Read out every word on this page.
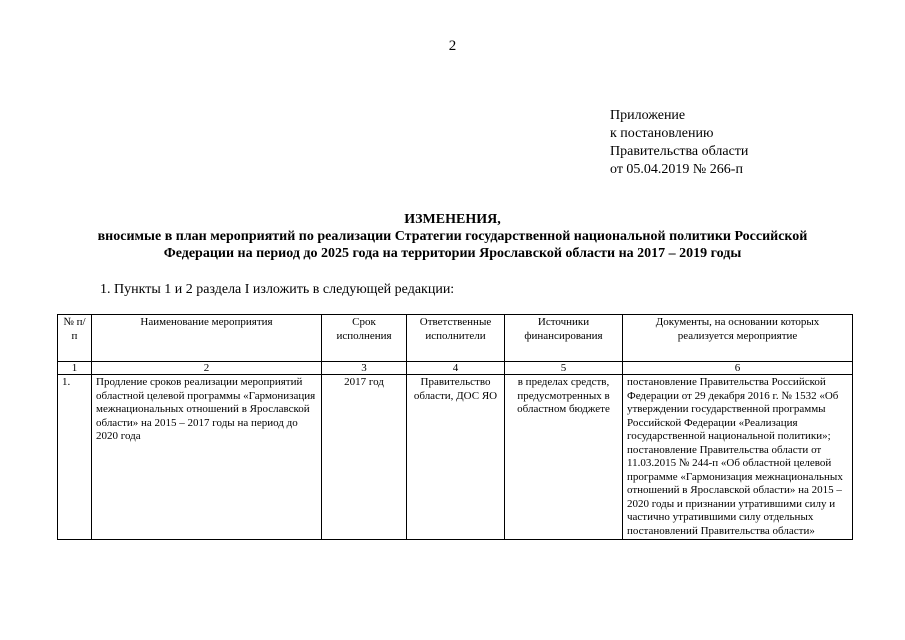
2
Приложение
к постановлению
Правительства области
от 05.04.2019 № 266-п
ИЗМЕНЕНИЯ,
вносимые в план мероприятий по реализации Стратегии государственной национальной политики Российской
Федерации на период до 2025 года на территории Ярославской области на 2017 – 2019 годы
1. Пункты 1 и 2 раздела I изложить в следующей редакции:
№ п/п	Наименование мероприятия	Срок исполнения	Ответственные исполнители	Источники финансирования	Документы, на основании которых реализуется мероприятие
1	2	3	4	5	6
1.	Продление сроков реализации мероприятий областной целевой программы «Гармонизация межнациональных отношений в Ярославской области» на 2015 – 2017 годы на период до 2020 года	2017 год	Правительство области, ДОС ЯО	в пределах средств, предусмотренных в областном бюджете	постановление Правительства Российской Федерации от 29 декабря 2016 г. № 1532 «Об утверждении государственной программы Российской Федерации «Реализация государственной национальной политики»; постановление Правительства области от 11.03.2015 № 244-п «Об областной целевой программе «Гармонизация межнациональных отношений в Ярославской области» на 2015 – 2020 годы и признании утратившими силу и частично утратившими силу отдельных постановлений Правительства области»
